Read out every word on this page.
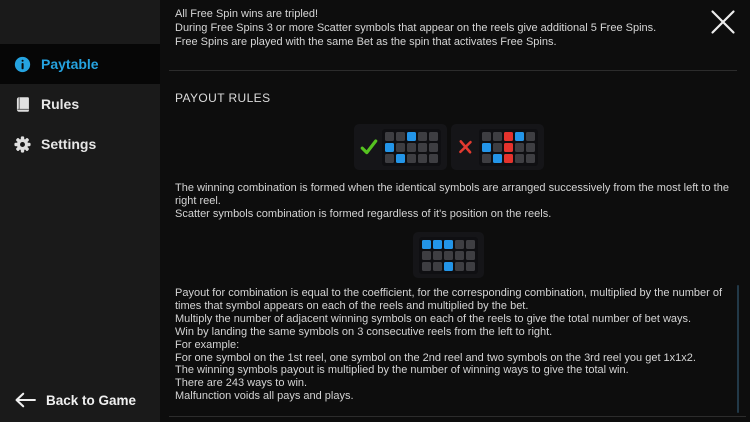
Paytable
Rules
Settings
Back to Game
All Free Spin wins are tripled!
During Free Spins 3 or more Scatter symbols that appear on the reels give additional 5 Free Spins.
Free Spins are played with the same Bet as the spin that activates Free Spins.
PAYOUT RULES
The winning combination is formed when the identical symbols are arranged successively from the most left to the
right reel.
Scatter symbols combination is formed regardless of it's position on the reels.
Payout for combination is equal to the coefficient, for the corresponding combination, multiplied by the number of
times that symbol appears on each of the reels and multiplied by the bet.
Multiply the number of adjacent winning symbols on each of the reels to give the total number of bet ways.
Win by landing the same symbols on 3 consecutive reels from the left to right.
For example:
For one symbol on the 1st reel, one symbol on the 2nd reel and two symbols on the 3rd reel you get 1x1x2.
The winning symbols payout is multiplied by the number of winning ways to give the total win.
There are 243 ways to win.
Malfunction voids all pays and plays.
